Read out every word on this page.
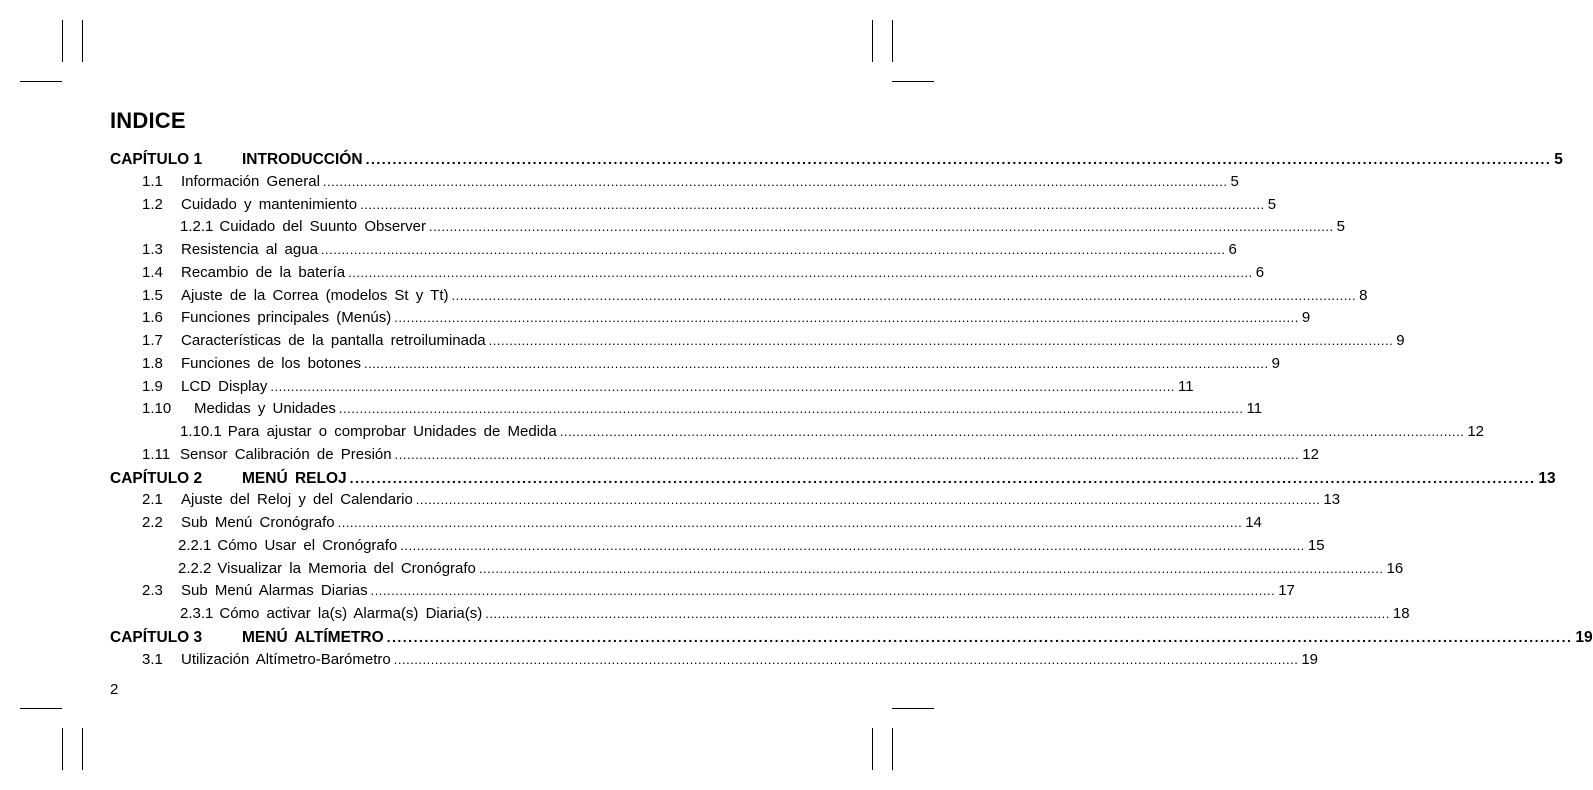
INDICE
CAPÍTULO 1	INTRODUCCIÓN ............................................................................................................................................................................................................................ 5
1.1	Información General ............................................................................................................................................................................................................................ 5
1.2	Cuidado y mantenimiento ............................................................................................................................................................................................................................ 5
1.2.1 Cuidado del Suunto Observer ............................................................................................................................................................................................................................ 5
1.3	Resistencia al agua ............................................................................................................................................................................................................................ 6
1.4	Recambio de la batería ............................................................................................................................................................................................................................ 6
1.5	Ajuste de la Correa (modelos St y Tt) ............................................................................................................................................................................................................................ 8
1.6	Funciones principales (Menús) ............................................................................................................................................................................................................................ 9
1.7	Características de la pantalla retroiluminada ............................................................................................................................................................................................................................ 9
1.8	Funciones de los botones ............................................................................................................................................................................................................................ 9
1.9	LCD Display ............................................................................................................................................................................................................................ 11
1.10	Medidas y Unidades ............................................................................................................................................................................................................................ 11
1.10.1 Para ajustar o comprobar Unidades de Medida ............................................................................................................................................................................................................................ 12
1.11 Sensor Calibración de Presión ............................................................................................................................................................................................................................ 12
CAPÍTULO 2	MENÚ RELOJ ............................................................................................................................................................................................................................ 13
2.1	Ajuste del Reloj y del Calendario ............................................................................................................................................................................................................................ 13
2.2	Sub Menú Cronógrafo ............................................................................................................................................................................................................................ 14
2.2.1 Cómo Usar el Cronógrafo ............................................................................................................................................................................................................................ 15
2.2.2 Visualizar la Memoria del Cronógrafo ............................................................................................................................................................................................................................ 16
2.3	Sub Menú Alarmas Diarias ............................................................................................................................................................................................................................ 17
2.3.1 Cómo activar la(s) Alarma(s) Diaria(s) ............................................................................................................................................................................................................................ 18
CAPÍTULO 3	MENÚ ALTÍMETRO ............................................................................................................................................................................................................................ 19
3.1	Utilización Altímetro-Barómetro ............................................................................................................................................................................................................................ 19
2
